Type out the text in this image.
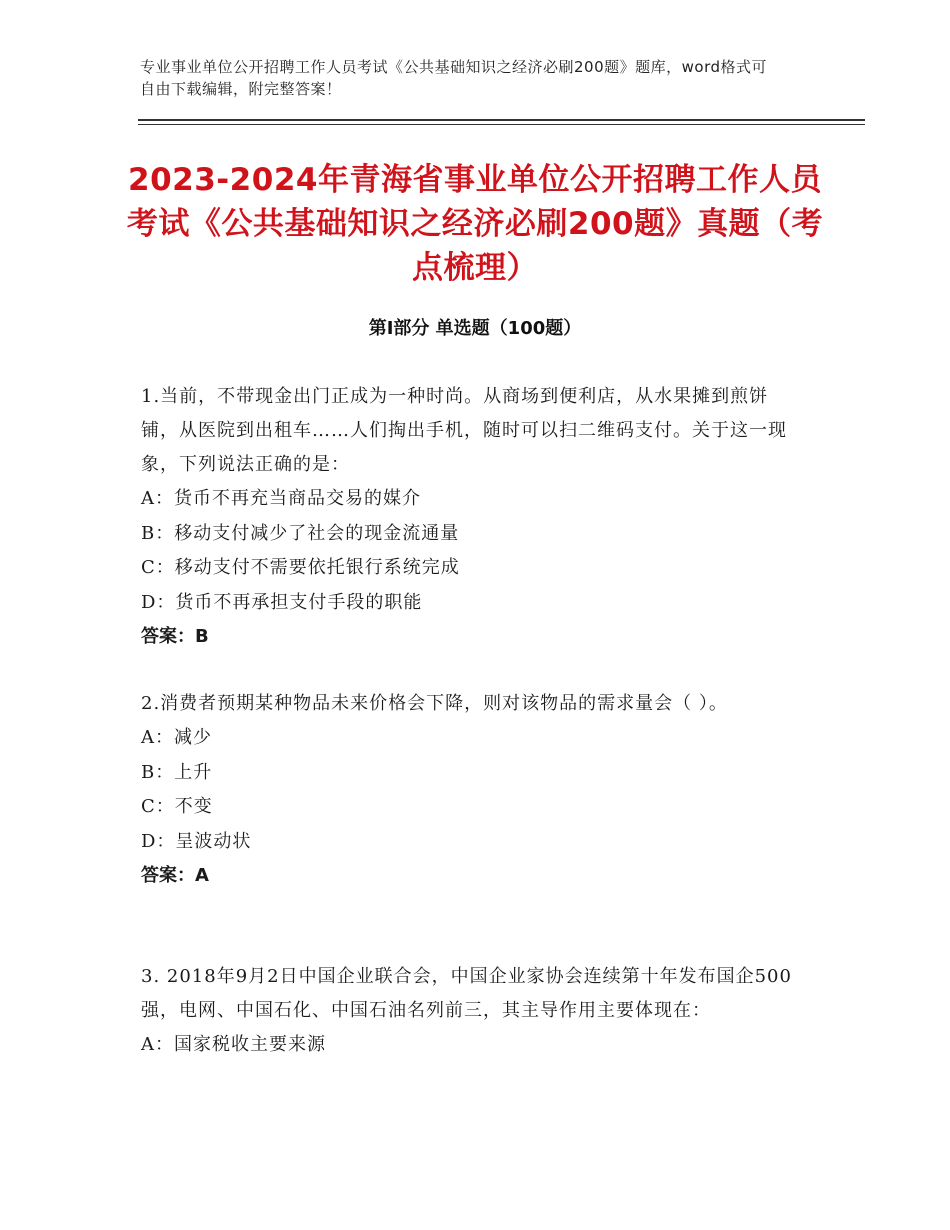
专业事业单位公开招聘工作人员考试《公共基础知识之经济必刷200题》题库，word格式可自由下载编辑，附完整答案！
2023-2024年青海省事业单位公开招聘工作人员考试《公共基础知识之经济必刷200题》真题（考点梳理）
第Ⅰ部分 单选题（100题）
1.当前，不带现金出门正成为一种时尚。从商场到便利店，从水果摊到煎饼铺，从医院到出租车……人们掏出手机，随时可以扫二维码支付。关于这一现象，下列说法正确的是：
A：货币不再充当商品交易的媒介
B：移动支付减少了社会的现金流通量
C：移动支付不需要依托银行系统完成
D：货币不再承担支付手段的职能
答案：B
2.消费者预期某种物品未来价格会下降，则对该物品的需求量会（ ）。
A：减少
B：上升
C：不变
D：呈波动状
答案：A
3. 2018年9月2日中国企业联合会，中国企业家协会连续第十年发布国企500强，电网、中国石化、中国石油名列前三，其主导作用主要体现在：
A：国家税收主要来源
